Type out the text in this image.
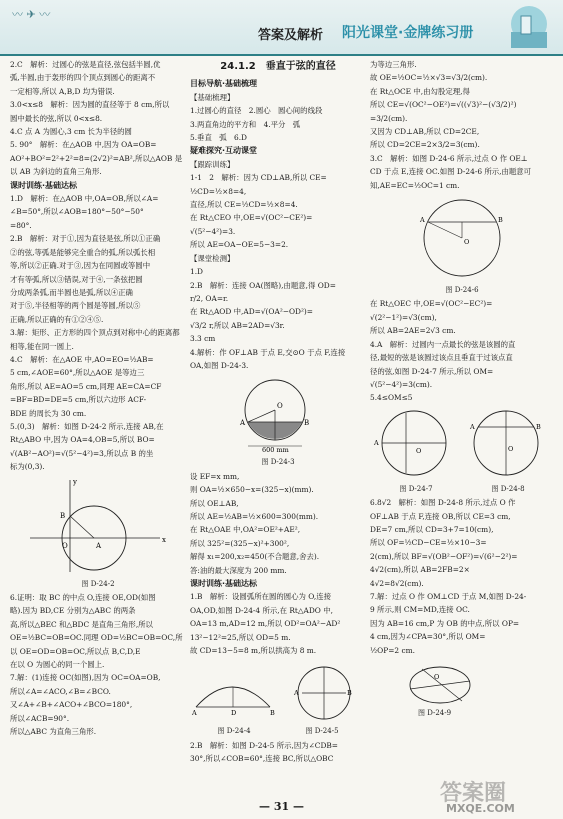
〰 ✈ 〰
答案及解析 阳光课堂·金牌练习册

2.C　解析：过圆心的弦是直径,弦包括半圆,优

弧,半圆,由于轰形的四个顶点到圆心的距离不

一定相等,所以 A,B,D 均为错误.

3.0<x≤8　解析：因为圆的直径等于 8 cm,所以

圆中最长的弦,所以 0<x≤8.

4.C 点 A 为圆心,3 cm 长为半径的圆

5. 90°　解析：在△AOB 中,因为 OA=OB=

AO²+BO²=2²+2²=8=(2√2)²=AB²,所以△AOB 是以 AB 为斜边的直角三角形.

课时训练·基础达标

1.D　解析：在△AOB 中,OA=OB,所以∠A=

∠B=50°,所以∠AOB=180°−50°−50°

=80°.

2.B　解析：对于①,因为直径是弦,所以①正确

②的弦,等弧是能够完全重合的弧,所以弧长相

等,所以②正确.对于③,因为在同圆或等圆中

才有等弧,所以③错误,对于④,一条弦把圆

分成两条弧,而半圆也是弧,所以④正确

对于⑤,半径相等的两个圆是等圆,所以⑤

正确,所以正确的有①②④⑤.

3.解：矩形、正方形的四个顶点到对称中心的距离都相等,能在同一圆上.

4.C　解析：在△AOE 中,AO=EO=½AB=

5 cm,∠AOE=60°,所以△AOE 是等边三

角形,所以 AE=AO=5 cm,同理 AE=CA=CF

=BF=BD=DE=5 cm,所以六边形 ACF-

BDE 的周长为 30 cm.

5.(0,3)　解析：如图 D-24-2 所示,连接 AB,在

Rt△ABO 中,因为 OA=4,OB=5,所以 BO=

√(AB²−AO²)=√(5²−4²)=3,所以点 B 的坐

标为(0,3).

B
O	A
x
y

图 D-24-2

6.证明：取 BC 的中点 O,连接 OE,OD(如图

略).因为 BD,CE 分别为△ABC 的两条

高,所以△BEC 和△BDC 是直角三角形,所以

OE=½BC=OB=OC.同理 OD=½BC=OB=OC,所以 OE=OD=OB=OC,所以点 B,C,D,E

在以 O 为圆心的同一个圆上.

7.解：(1)连接 OC(如图),因为 OC=OA=OB,

所以∠A=∠ACO,∠B=∠BCO.

又∠A+∠B+∠ACO+∠BCO=180°,

所以∠ACB=90°.

所以△ABC 为直角三角形.

24.1.2　垂直于弦的直径

目标导航·基础梳理

【基础梳理】

1.过圆心的直径　2.圆心　圆心间的线段

3.两直角边的平方和　4.平分　弧

5.垂直　弧　6.D

疑难探究·互动课堂

【跟踪训练】

1-1　2　解析：因为 CD⊥AB,所以 CE=

½CD=½×8=4,

直径,所以 CE=½CD=½×8=4.

在 Rt△CEO 中,OE=√(OC²−CE²)=

√(5²−4²)=3.

所以 AE=OA−OE=5−3=2.

【课堂检测】

1.D

2.B　解析：连接 OA(图略),由题意,得 OD=

r/2, OA=r.

在 Rt△AOD 中,AD=√(OA²−OD²)=

√3/2 r,所以 AB=2AD=√3r.

3.3 cm

4.解析：作 OF⊥AB 于点 E,交⊙O 于点 F,连接

OA,如图 D-24-3.

A	B
O
600 mm

图 D-24-3

设 EF=x mm,

则 OA=½×650−x=(325−x)(mm).

所以 OE⊥AB,

所以 AE=½AB=½×600=300(mm).

在 Rt△OAE 中,OA²=OE²+AE²,

所以 325²=(325−x)²+300²,

解得 x₁=200,x₂=450(不合题意,舍去).

答:油的最大深度为 200 mm.

课时训练·基础达标

1.B　解析：设圆弧所在圆的圆心为 O,连接

OA,OD,如图 D-24-4 所示,在 Rt△ADO 中,

OA=13 m,AD=12 m,所以 OD²=OA²−AD²

13²−12²=25,所以 OD=5 m.

故 CD=13−5=8 m,所以拱高为 8 m.

A	D	B
A	B
图 D-24-4	图 D-24-5

2.B　解析：如图 D-24-5 所示,因为∠CDB=

30°,所以∠COB=60°,连接 BC,所以△OBC

为等边三角形.

故 OE=½OC=½×√3=√3/2(cm).

在 Rt△OCE 中,由勾股定理,得

所以 CE=√(OC²−OE²)=√((√3)²−(√3/2)²)

=3/2(cm).

又因为 CD⊥AB,所以 CD=2CE,

所以 CD=2CE=2×3/2=3(cm).

3.C　解析：如图 D-24-6 所示,过点 O 作 OE⊥

CD 于点 E,连接 OC.如图 D-24-6 所示,由题意可

知,AE=EC=½OC=1 cm.

A	B
O

图 D-24-6

在 Rt△OEC 中,OE=√(OC²−EC²)=

√(2²−1²)=√3(cm),

所以 AB=2AE=2√3 cm.

4.A　解析：过圆内一点最长的弦是该圆的直

径,最短的弦是该圆过该点且垂直于过该点直

径的弦,如图 D-24-7 所示,所以 OM=

√(5²−4²)=3(cm).

5.4≤OM≤5

A
O
A	B
O
图 D-24-7	图 D-24-8

6.8√2　解析：如图 D-24-8 所示,过点 O 作

OF⊥AB 于点 F,连接 OB,所以 CE=3 cm,

DE=7 cm,所以 CD=3+7=10(cm),

所以 OF=½CD−CE=½×10−3=

2(cm),所以 BF=√(OB²−OF²)=√(6²−2²)=

4√2(cm),所以 AB=2FB=2×

4√2=8√2(cm).

7.解：过点 O 作 OM⊥CD 于点 M,如图 D-24-

9 所示,则 CM=MD,连接 OC.

因为 AB=16 cm,P 为 OB 的中点,所以 OP=

4 cm,因为∠CPA=30°,所以 OM=

½OP=2 cm.

O

图 D-24-9

— 31 —
答案圈
MXQE.COM
